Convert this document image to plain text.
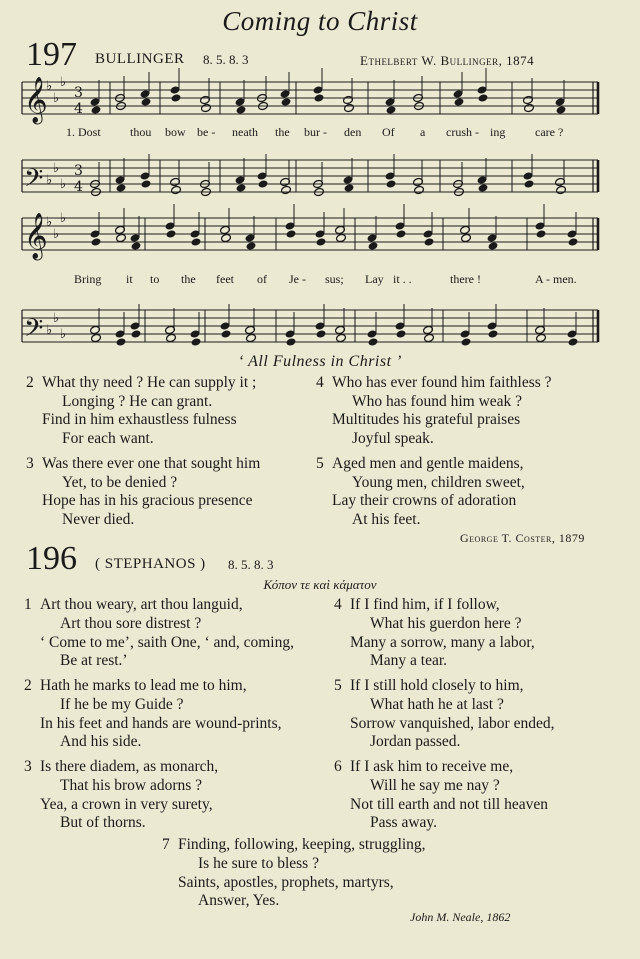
Coming to Christ
197 BULLINGER 8. 5. 8. 3	Ethelbert W. Bullinger, 1874
𝄞
♭
♭
♭
3
4
𝄢 ♭
♭
♭
3
4
𝄞
♭
♭
♭
𝄢 ♭
♭
♭
1. Dost thou bow be - neath the bur - den Of a crush - ing care ?
Bring it to the feet of Je - sus; Lay it . .	there !	A - men.
‘ All Fulness in Christ ’
2 What thy need ? He can supply it ;
Longing ? He can grant.
Find in him exhaustless fulness
For each want.
3 Was there ever one that sought him
Yet, to be denied ?
Hope has in his gracious presence
Never died.
4 Who has ever found him faithless ?
Who has found him weak ?
Multitudes his grateful praises
Joyful speak.
5 Aged men and gentle maidens,
Young men, children sweet,
Lay their crowns of adoration
At his feet.
George T. Coster, 1879
196 ( STEPHANOS ) 8. 5. 8. 3
Κόπον τε καὶ κάματον
1 Art thou weary, art thou languid,
Art thou sore distrest ?
‘ Come to me’, saith One, ‘ and, coming,
Be at rest.’
2 Hath he marks to lead me to him,
If he be my Guide ?
In his feet and hands are wound-prints,
And his side.
3 Is there diadem, as monarch,
That his brow adorns ?
Yea, a crown in very surety,
But of thorns.
4 If I find him, if I follow,
What his guerdon here ?
Many a sorrow, many a labor,
Many a tear.
5 If I still hold closely to him,
What hath he at last ?
Sorrow vanquished, labor ended,
Jordan passed.
6 If I ask him to receive me,
Will he say me nay ?
Not till earth and not till heaven
Pass away.
7 Finding, following, keeping, struggling,
Is he sure to bless ?
Saints, apostles, prophets, martyrs,
Answer, Yes.
John M. Neale, 1862
